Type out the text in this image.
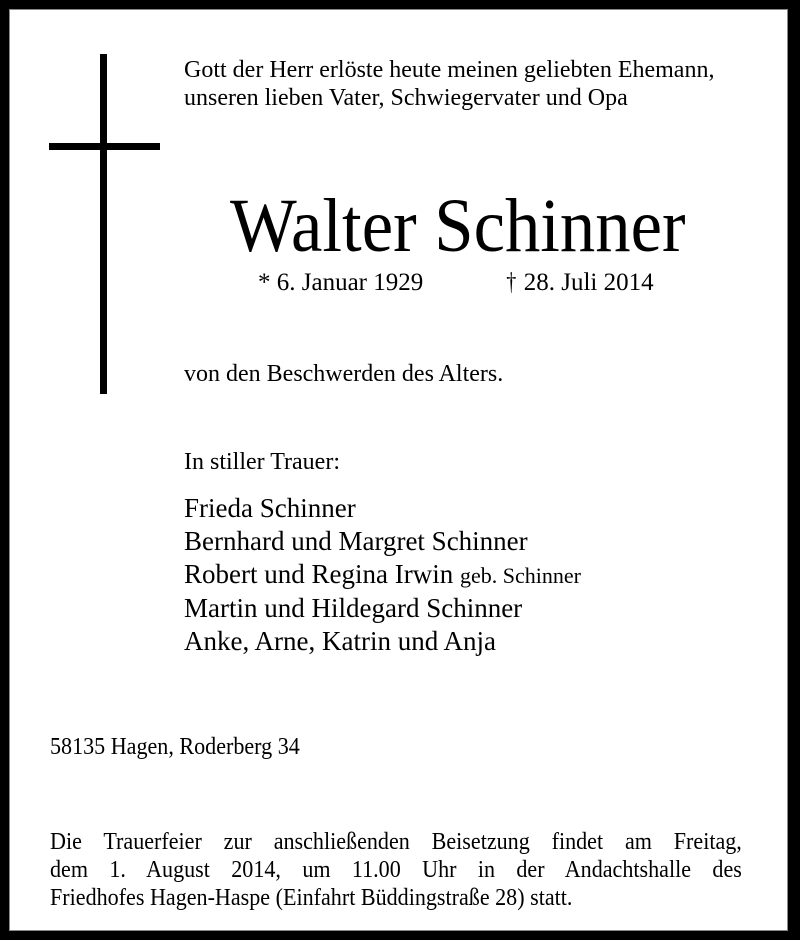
Gott der Herr erlöste heute meinen geliebten Ehemann,
unseren lieben Vater, Schwiegervater und Opa
Walter Schinner
* 6. Januar 1929	† 28. Juli 2014
von den Beschwerden des Alters.
In stiller Trauer:
Frieda Schinner
Bernhard und Margret Schinner
Robert und Regina Irwin geb. Schinner
Martin und Hildegard Schinner
Anke, Arne, Katrin und Anja
58135 Hagen, Roderberg 34
Die Trauerfeier zur anschließenden Beisetzung findet am Freitag,
dem 1. August 2014, um 11.00 Uhr in der Andachtshalle des
Friedhofes Hagen-Haspe (Einfahrt Büddingstraße 28) statt.
